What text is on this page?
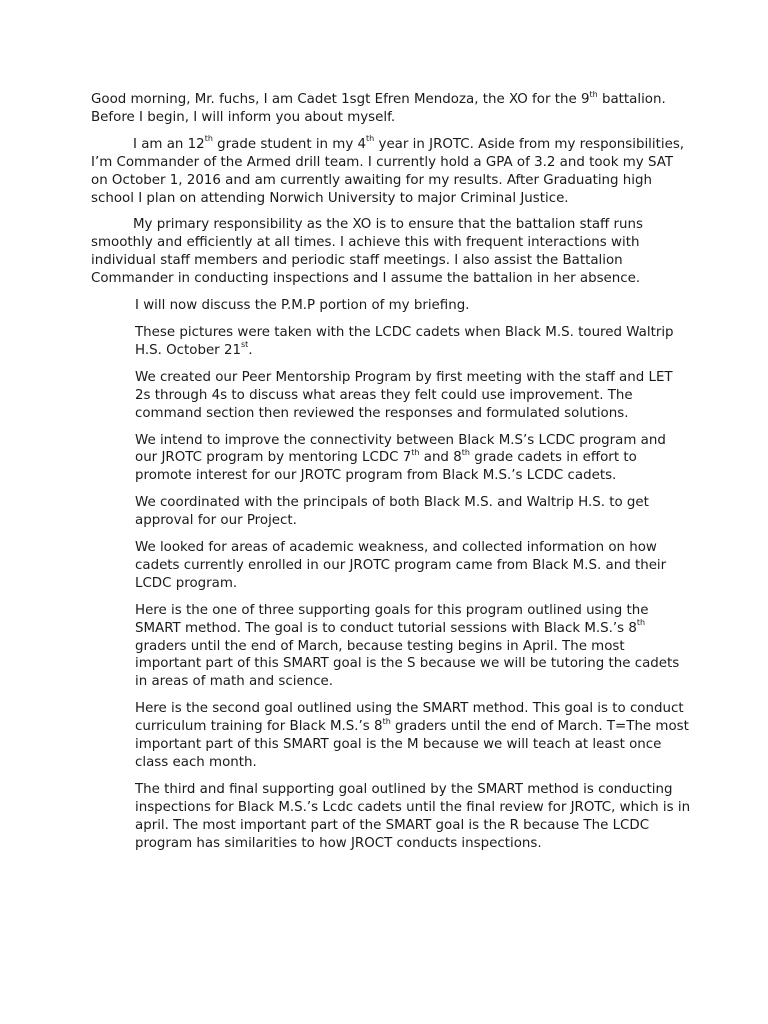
Good morning, Mr. fuchs, I am Cadet 1sgt Efren Mendoza, the XO for the 9th battalion. Before I begin, I will inform you about myself.

I am an 12th grade student in my 4th year in JROTC. Aside from my responsibilities, I’m Commander of the Armed drill team. I currently hold a GPA of 3.2 and took my SAT on October 1, 2016 and am currently awaiting for my results. After Graduating high school I plan on attending Norwich University to major Criminal Justice.

My primary responsibility as the XO is to ensure that the battalion staff runs smoothly and efficiently at all times. I achieve this with frequent interactions with individual staff members and periodic staff meetings. I also assist the Battalion Commander in conducting inspections and I assume the battalion in her absence.

I will now discuss the P.M.P portion of my briefing.

These pictures were taken with the LCDC cadets when Black M.S. toured Waltrip H.S. October 21st.

We created our Peer Mentorship Program by first meeting with the staff and LET 2s through 4s to discuss what areas they felt could use improvement. The command section then reviewed the responses and formulated solutions.

We intend to improve the connectivity between Black M.S’s LCDC program and our JROTC program by mentoring LCDC 7th and 8th grade cadets in effort to promote interest for our JROTC program from Black M.S.’s LCDC cadets.

We coordinated with the principals of both Black M.S. and Waltrip H.S. to get approval for our Project.

We looked for areas of academic weakness, and collected information on how cadets currently enrolled in our JROTC program came from Black M.S. and their LCDC program.

Here is the one of three supporting goals for this program outlined using the SMART method. The goal is to conduct tutorial sessions with Black M.S.’s 8th graders until the end of March, because testing begins in April. The most important part of this SMART goal is the S because we will be tutoring the cadets in areas of math and science.

Here is the second goal outlined using the SMART method. This goal is to conduct curriculum training for Black M.S.’s 8th graders until the end of March. T=The most important part of this SMART goal is the M because we will teach at least once class each month.

The third and final supporting goal outlined by the SMART method is conducting inspections for Black M.S.’s Lcdc cadets until the final review for JROTC, which is in april. The most important part of the SMART goal is the R because The LCDC program has similarities to how JROCT conducts inspections.
